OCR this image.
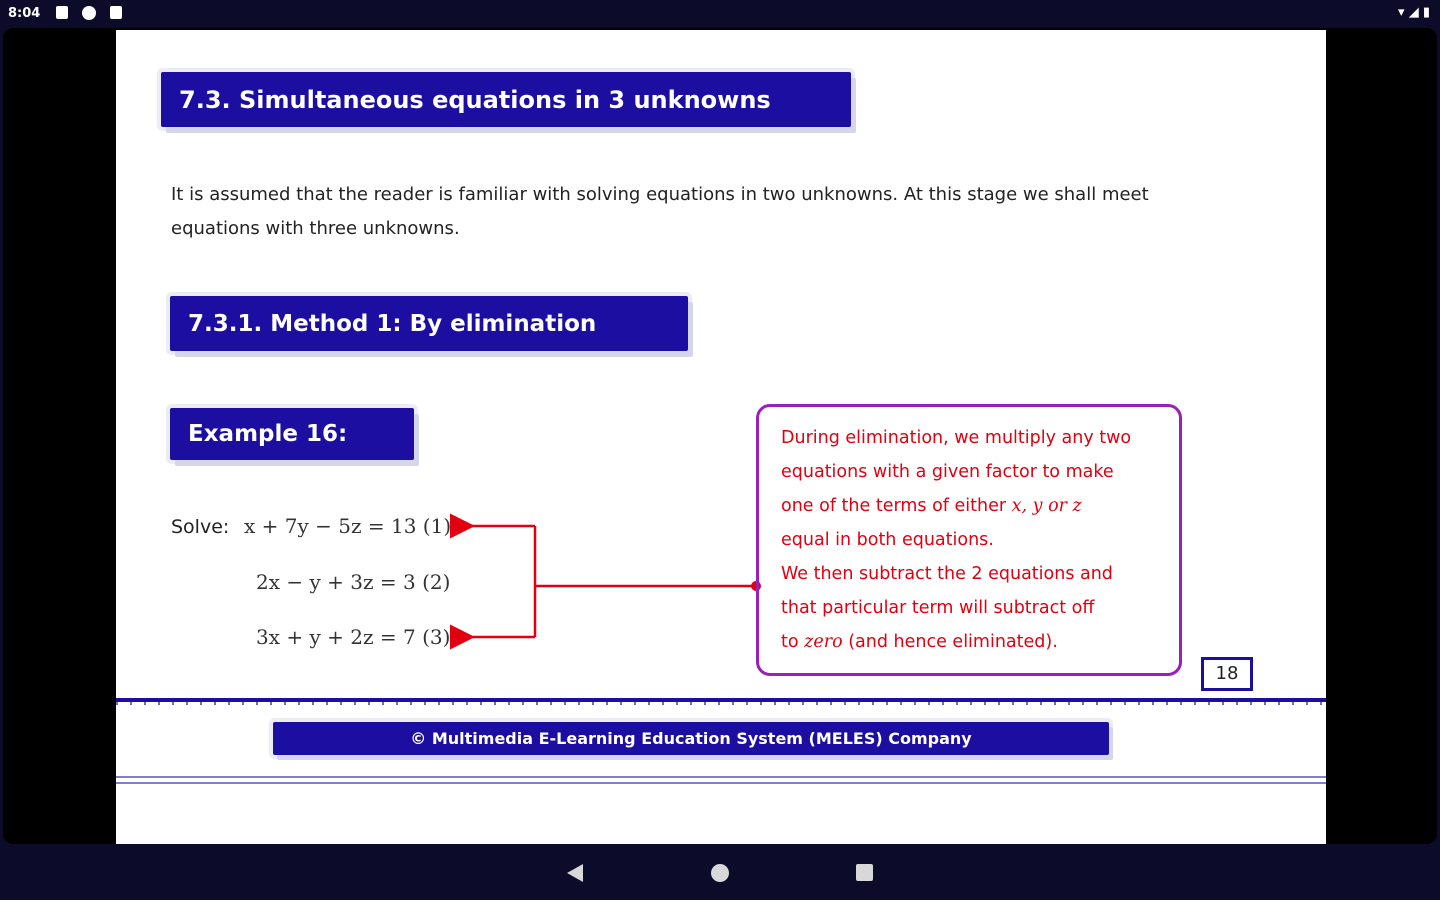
8:04	▾ ◢ ▮
7.3. Simultaneous equations in 3 unknowns
It is assumed that the reader is familiar with solving equations in two unknowns. At this stage we shall meet
equations with three unknowns.
7.3.1. Method 1: By elimination
Example 16:
Solve: x + 7y − 5z = 13 (1)
2x − y + 3z = 3 (2)
3x + y + 2z = 7 (3)
During elimination, we multiply any two
equations with a given factor to make
one of the terms of either x, y or z
equal in both equations.
We then subtract the 2 equations and
that particular term will subtract off
to zero (and hence eliminated).
18
© Multimedia E-Learning Education System (MELES) Company
